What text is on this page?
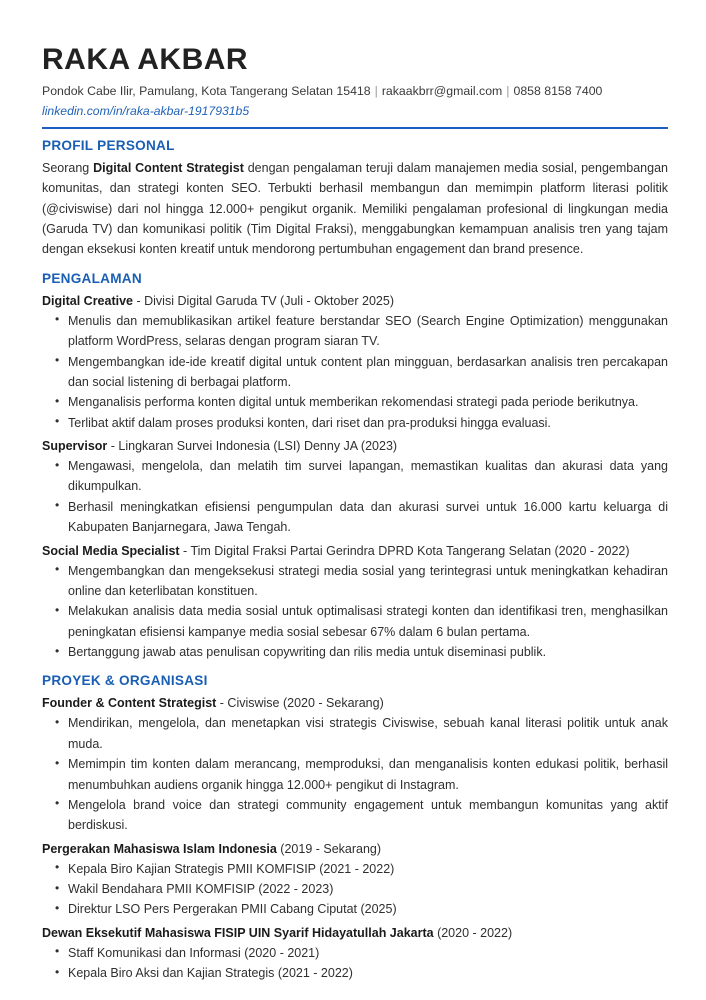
RAKA AKBAR
Pondok Cabe Ilir, Pamulang, Kota Tangerang Selatan 15418 | rakaakbrr@gmail.com | 0858 8158 7400
linkedin.com/in/raka-akbar-1917931b5
PROFIL PERSONAL

Seorang Digital Content Strategist dengan pengalaman teruji dalam manajemen media sosial, pengembangan komunitas, dan strategi konten SEO. Terbukti berhasil membangun dan memimpin platform literasi politik (@civiswise) dari nol hingga 12.000+ pengikut organik. Memiliki pengalaman profesional di lingkungan media (Garuda TV) dan komunikasi politik (Tim Digital Fraksi), menggabungkan kemampuan analisis tren yang tajam dengan eksekusi konten kreatif untuk mendorong pertumbuhan engagement dan brand presence.

PENGALAMAN

Digital Creative - Divisi Digital Garuda TV (Juli - Oktober 2025)

• Menulis dan memublikasikan artikel feature berstandar SEO (Search Engine Optimization) menggunakan platform WordPress, selaras dengan program siaran TV.
• Mengembangkan ide-ide kreatif digital untuk content plan mingguan, berdasarkan analisis tren percakapan dan social listening di berbagai platform.
• Menganalisis performa konten digital untuk memberikan rekomendasi strategi pada periode berikutnya.
• Terlibat aktif dalam proses produksi konten, dari riset dan pra-produksi hingga evaluasi.

Supervisor - Lingkaran Survei Indonesia (LSI) Denny JA (2023)

• Mengawasi, mengelola, dan melatih tim survei lapangan, memastikan kualitas dan akurasi data yang dikumpulkan.
• Berhasil meningkatkan efisiensi pengumpulan data dan akurasi survei untuk 16.000 kartu keluarga di Kabupaten Banjarnegara, Jawa Tengah.

Social Media Specialist - Tim Digital Fraksi Partai Gerindra DPRD Kota Tangerang Selatan (2020 - 2022)

• Mengembangkan dan mengeksekusi strategi media sosial yang terintegrasi untuk meningkatkan kehadiran online dan keterlibatan konstituen.
• Melakukan analisis data media sosial untuk optimalisasi strategi konten dan identifikasi tren, menghasilkan peningkatan efisiensi kampanye media sosial sebesar 67% dalam 6 bulan pertama.
• Bertanggung jawab atas penulisan copywriting dan rilis media untuk diseminasi publik.
PROYEK & ORGANISASI

Founder & Content Strategist - Civiswise (2020 - Sekarang)

• Mendirikan, mengelola, dan menetapkan visi strategis Civiswise, sebuah kanal literasi politik untuk anak muda.
• Memimpin tim konten dalam merancang, memproduksi, dan menganalisis konten edukasi politik, berhasil menumbuhkan audiens organik hingga 12.000+ pengikut di Instagram.
• Mengelola brand voice dan strategi community engagement untuk membangun komunitas yang aktif berdiskusi.

Pergerakan Mahasiswa Islam Indonesia (2019 - Sekarang)

• Kepala Biro Kajian Strategis PMII KOMFISIP (2021 - 2022)
• Wakil Bendahara PMII KOMFISIP (2022 - 2023)
• Direktur LSO Pers Pergerakan PMII Cabang Ciputat (2025)

Dewan Eksekutif Mahasiswa FISIP UIN Syarif Hidayatullah Jakarta (2020 - 2022)

• Staff Komunikasi dan Informasi (2020 - 2021)
• Kepala Biro Aksi dan Kajian Strategis (2021 - 2022)
